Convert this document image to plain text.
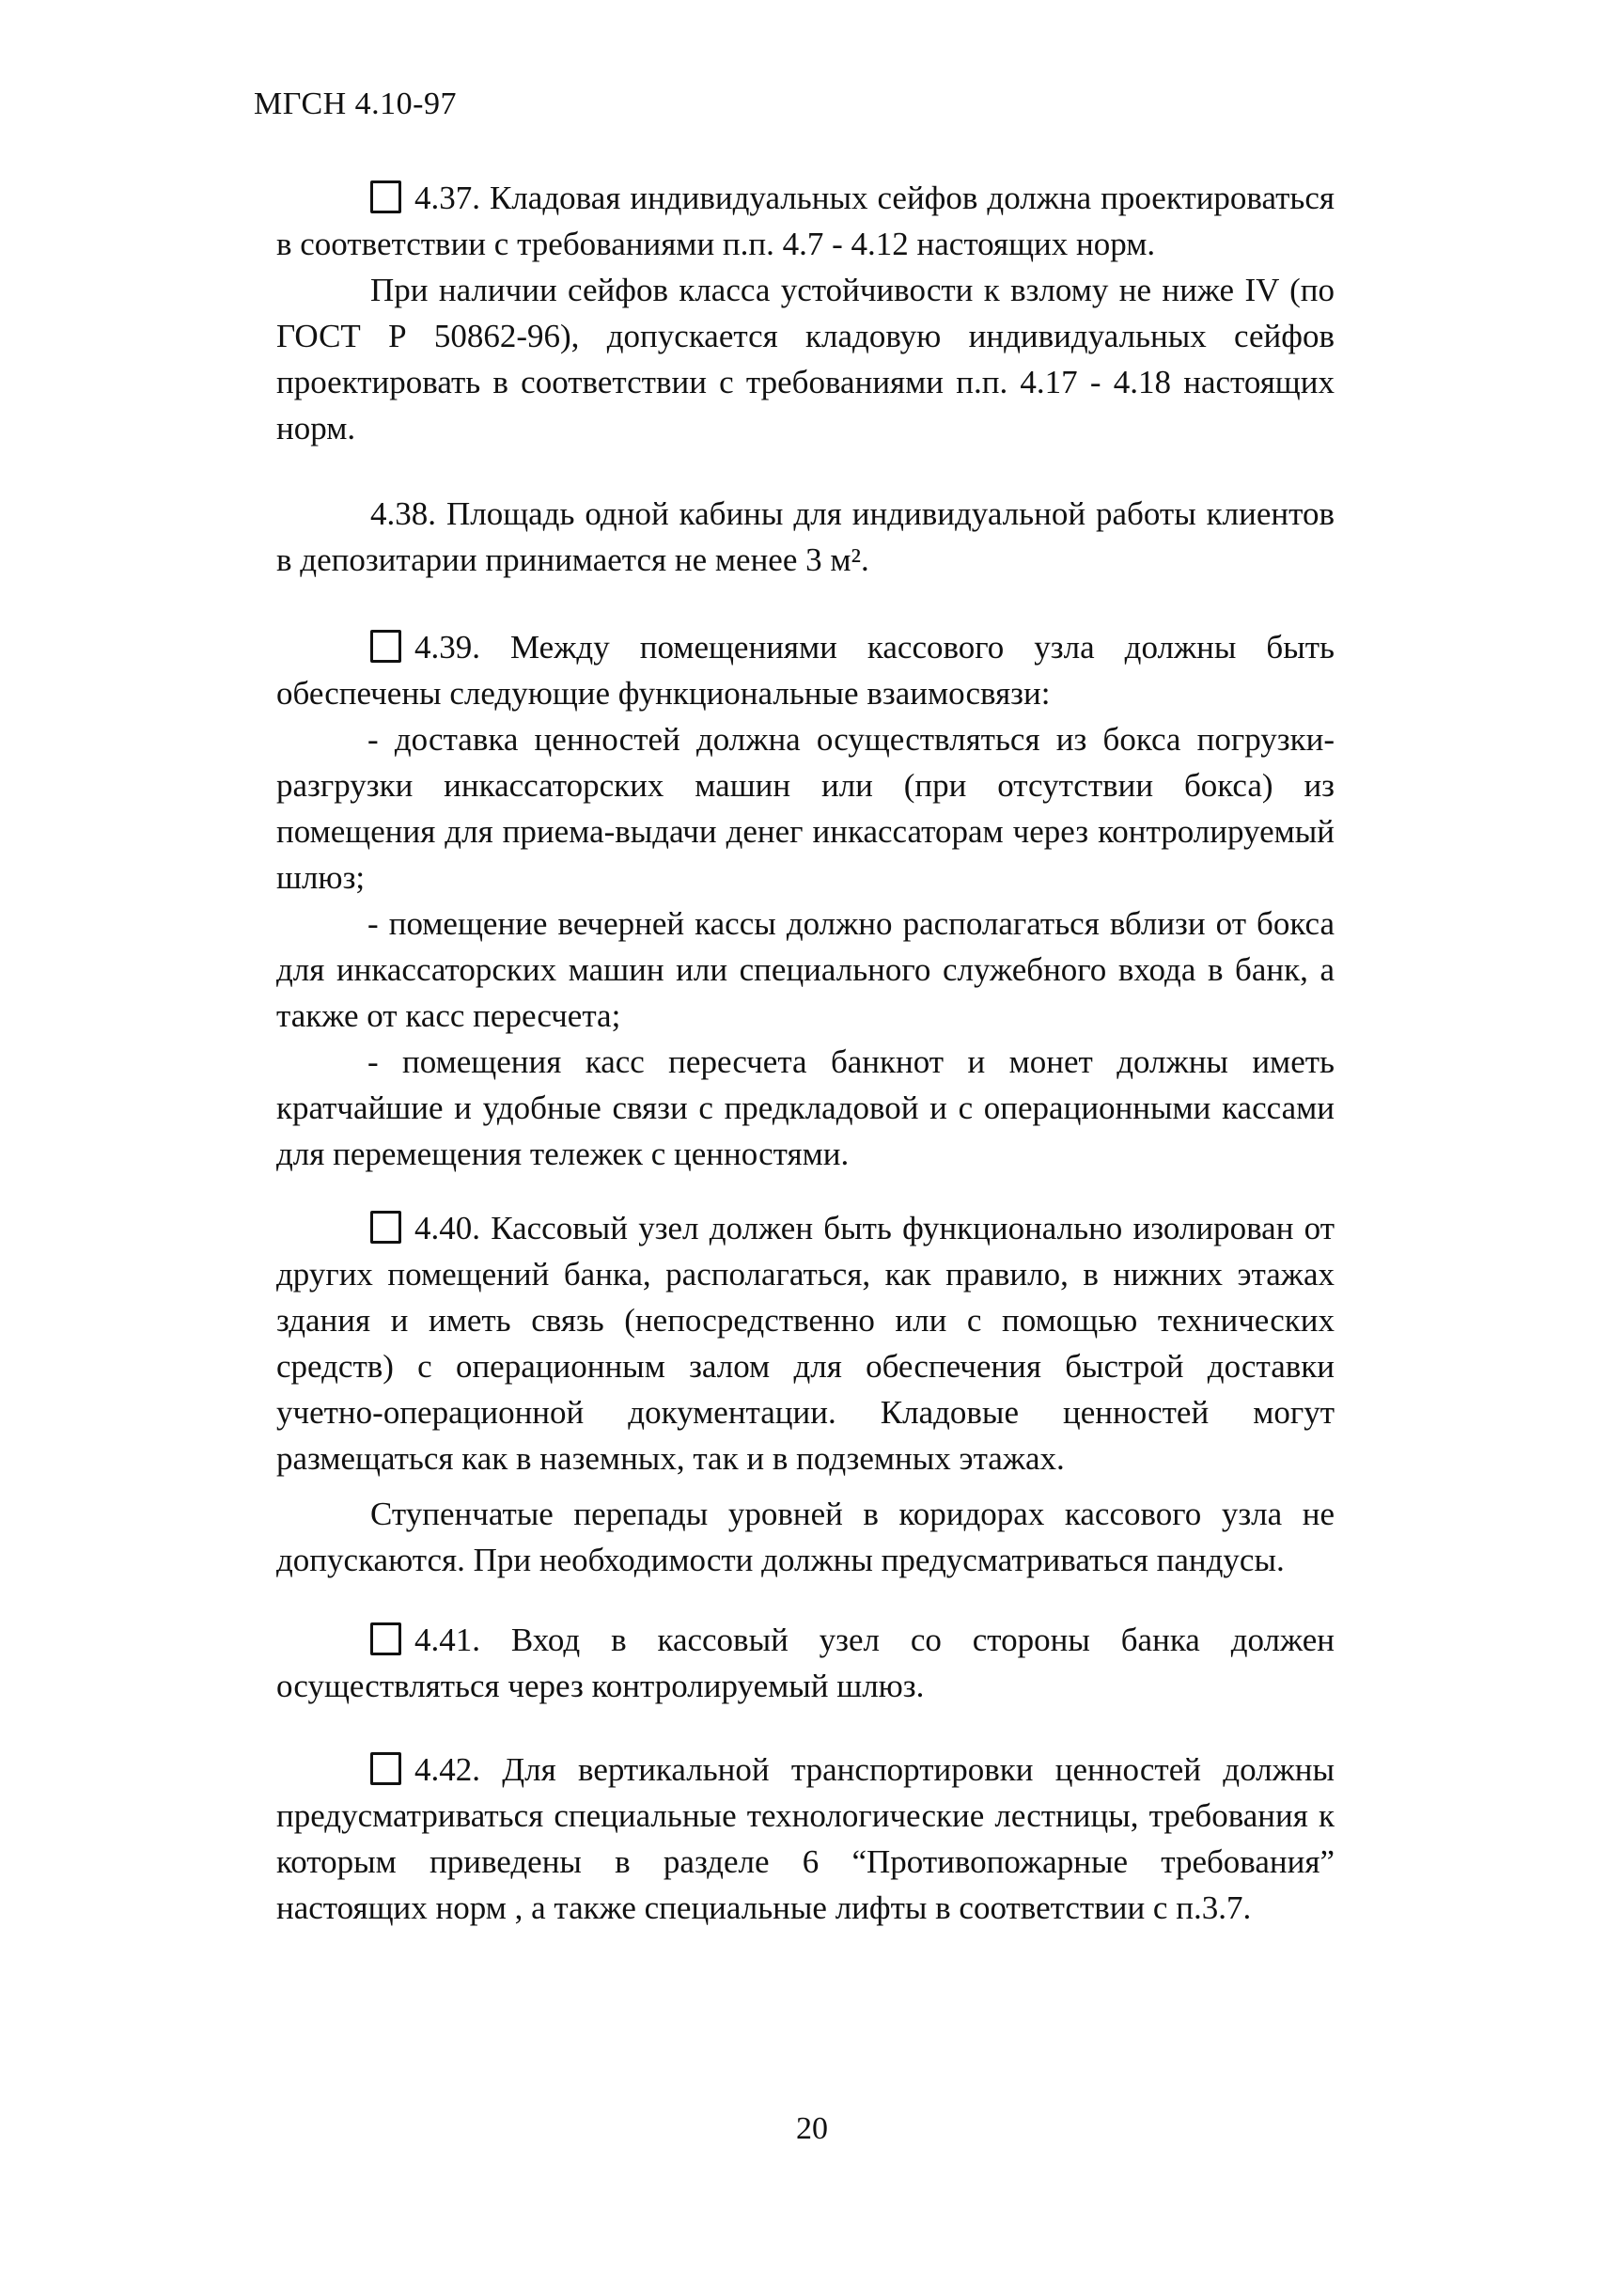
МГСН 4.10-97

4.37. Кладовая индивидуальных сейфов должна проектироваться в соответствии с требованиями п.п. 4.7 - 4.12 настоящих норм.

При наличии сейфов класса устойчивости к взлому не ниже IV (по ГОСТ Р 50862-96), допускается кладовую индивидуальных сейфов проектировать в соответствии с требованиями п.п. 4.17 - 4.18 настоящих норм.

4.38. Площадь одной кабины для индивидуальной работы клиентов в депозитарии принимается не менее 3 м².

4.39. Между помещениями кассового узла должны быть обеспечены следующие функциональные взаимосвязи:

- доставка ценностей должна осуществляться из бокса погрузки-разгрузки инкассаторских машин или (при отсутствии бокса) из помещения для приема-выдачи денег инкассаторам через контролируемый шлюз;

- помещение вечерней кассы должно располагаться вблизи от бокса для инкассаторских машин или специального служебного входа в банк, а также от касс пересчета;

- помещения касс пересчета банкнот и монет должны иметь кратчайшие и удобные связи с предкладовой и с операционными кассами для перемещения тележек с ценностями.

4.40. Кассовый узел должен быть функционально изолирован от других помещений банка, располагаться, как правило, в нижних этажах здания и иметь связь (непосредственно или с помощью технических средств) с операционным залом для обеспечения быстрой доставки учетно-операционной документации. Кладовые ценностей могут размещаться как в наземных, так и в подземных этажах.

Ступенчатые перепады уровней в коридорах кассового узла не допускаются. При необходимости должны предусматриваться пандусы.

4.41. Вход в кассовый узел со стороны банка должен осуществляться через контролируемый шлюз.

4.42. Для вертикальной транспортировки ценностей должны предусматриваться специальные технологические лестницы, требования к которым приведены в разделе 6 “Противопожарные требования” настоящих норм , а также специальные лифты в соответствии с п.3.7.

20
